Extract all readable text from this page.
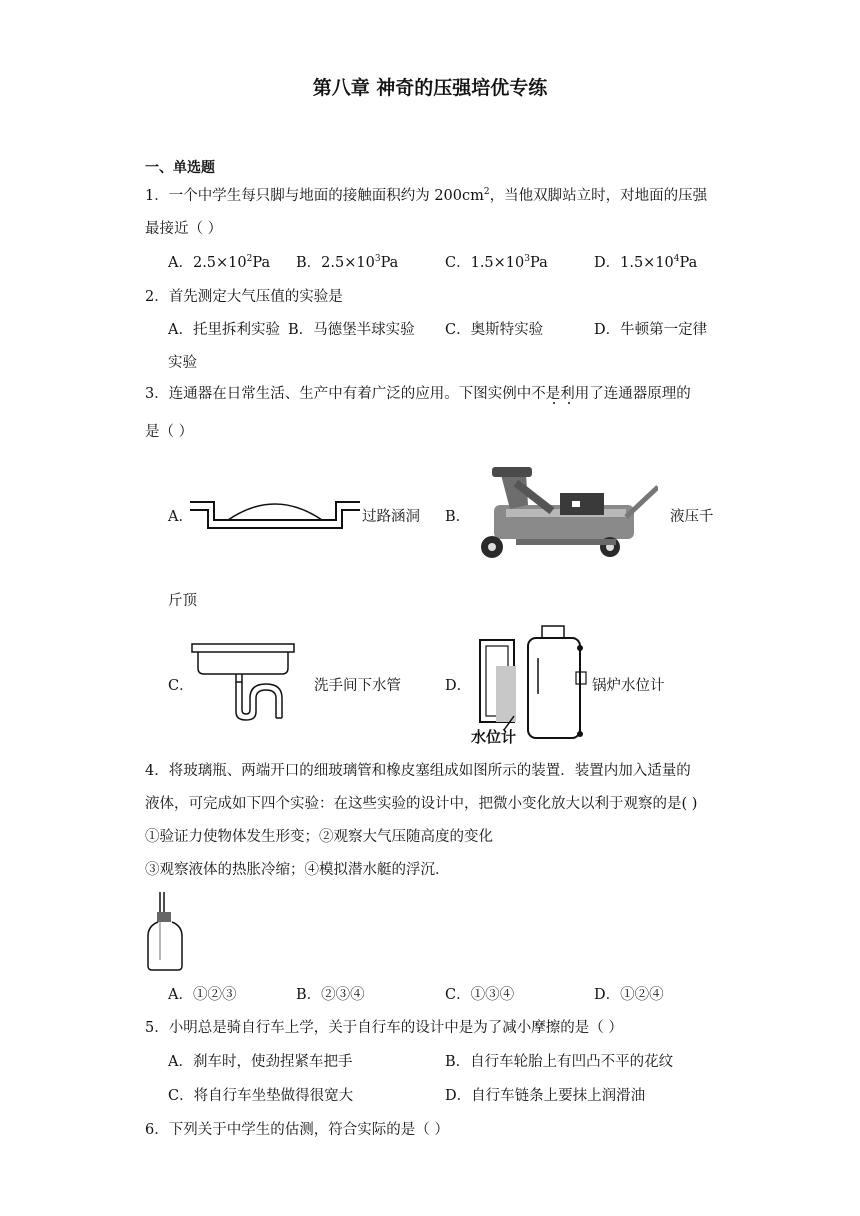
第八章 神奇的压强培优专练
一、单选题
1．一个中学生每只脚与地面的接触面积约为 $200cm^2$，当他双脚站立时，对地面的压强
最接近（ ）
A．$2.5\times 10^2Pa$ B．$2.5\times 10^3Pa$	C．$1.5\times 10^3Pa$	D．$1.5\times 10^4Pa$
2．首先测定大气压值的实验是
A．托里拆利实验 B．马德堡半球实验 C．奥斯特实验	D．牛顿第一定律
实验
3．连通器在日常生活、生产中有着广泛的应用。下图实例中不是利用了连通器原理的
是（ ）
A．	过路涵洞 B．	液压千
斤顶
C．	洗手间下水管	D．
水位计
锅炉水位计
4．将玻璃瓶、两端开口的细玻璃管和橡皮塞组成如图所示的装置．装置内加入适量的
液体，可完成如下四个实验：在这些实验的设计中，把微小变化放大以利于观察的是( )
①验证力使物体发生形变；②观察大气压随高度的变化
③观察液体的热胀冷缩；④模拟潜水艇的浮沉．
A．①②③	B．②③④	C．①③④	D．①②④
5．小明总是骑自行车上学，关于自行车的设计中是为了减小摩擦的是（ ）
A．刹车时，使劲捏紧车把手	B．自行车轮胎上有凹凸不平的花纹
C．将自行车坐垫做得很宽大	D．自行车链条上要抹上润滑油
6．下列关于中学生的估测，符合实际的是（ ）
